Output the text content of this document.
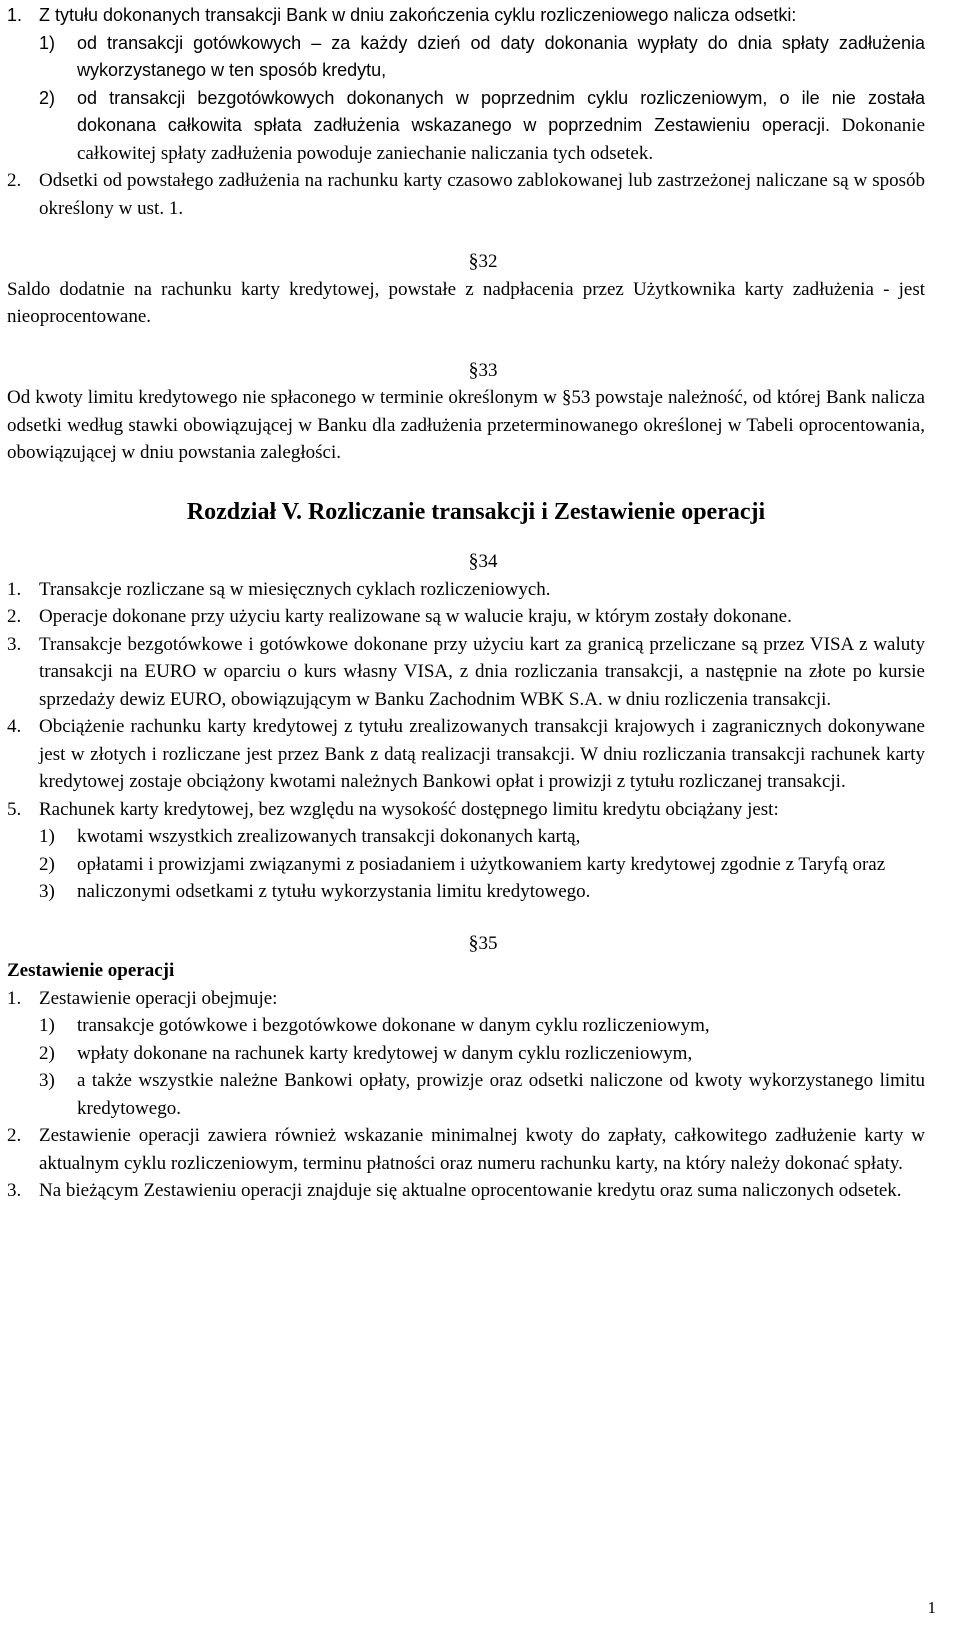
1. Z tytułu dokonanych transakcji Bank w dniu zakończenia cyklu rozliczeniowego nalicza odsetki:
1)	od transakcji gotówkowych – za każdy dzień od daty dokonania wypłaty do dnia spłaty zadłużenia wykorzystanego w ten sposób kredytu,
2)	od transakcji bezgotówkowych dokonanych w poprzednim cyklu rozliczeniowym, o ile nie została dokonana całkowita spłata zadłużenia wskazanego w poprzednim Zestawieniu operacji. Dokonanie całkowitej spłaty zadłużenia powoduje zaniechanie naliczania tych odsetek.
2. Odsetki od powstałego zadłużenia na rachunku karty czasowo zablokowanej lub zastrzeżonej naliczane są w sposób określony w ust. 1.

§32

Saldo dodatnie na rachunku karty kredytowej, powstałe z nadpłacenia przez Użytkownika karty zadłużenia - jest nieoprocentowane.

§33

Od kwoty limitu kredytowego nie spłaconego w terminie określonym w §53 powstaje należność, od której Bank nalicza odsetki według stawki obowiązującej w Banku dla zadłużenia przeterminowanego określonej w Tabeli oprocentowania, obowiązującej w dniu powstania zaległości.

Rozdział V. Rozliczanie transakcji i Zestawienie operacji

§34

1. Transakcje rozliczane są w miesięcznych cyklach rozliczeniowych.
2. Operacje dokonane przy użyciu karty realizowane są w walucie kraju, w którym zostały dokonane.
3. Transakcje bezgotówkowe i gotówkowe dokonane przy użyciu kart za granicą przeliczane są przez VISA z waluty transakcji na EURO w oparciu o kurs własny VISA, z dnia rozliczania transakcji, a następnie na złote po kursie sprzedaży dewiz EURO, obowiązującym w Banku Zachodnim WBK S.A. w dniu rozliczenia transakcji.
4. Obciążenie rachunku karty kredytowej z tytułu zrealizowanych transakcji krajowych i zagranicznych dokonywane jest w złotych i rozliczane jest przez Bank z datą realizacji transakcji. W dniu rozliczania transakcji rachunek karty kredytowej zostaje obciążony kwotami należnych Bankowi opłat i prowizji z tytułu rozliczanej transakcji.
5. Rachunek karty kredytowej, bez względu na wysokość dostępnego limitu kredytu obciążany jest:
1)	kwotami wszystkich zrealizowanych transakcji dokonanych kartą,
2)	opłatami i prowizjami związanymi z posiadaniem i użytkowaniem karty kredytowej zgodnie z Taryfą oraz
3)	naliczonymi odsetkami z tytułu wykorzystania limitu kredytowego.

§35

Zestawienie operacji

1. Zestawienie operacji obejmuje:
1)	transakcje gotówkowe i bezgotówkowe dokonane w danym cyklu rozliczeniowym,
2)	wpłaty dokonane na rachunek karty kredytowej w danym cyklu rozliczeniowym,
3)	a także wszystkie należne Bankowi opłaty, prowizje oraz odsetki naliczone od kwoty wykorzystanego limitu kredytowego.
2. Zestawienie operacji zawiera również wskazanie minimalnej kwoty do zapłaty, całkowitego zadłużenie karty w aktualnym cyklu rozliczeniowym, terminu płatności oraz numeru rachunku karty, na który należy dokonać spłaty.
3. Na bieżącym Zestawieniu operacji znajduje się aktualne oprocentowanie kredytu oraz suma naliczonych odsetek.
1
